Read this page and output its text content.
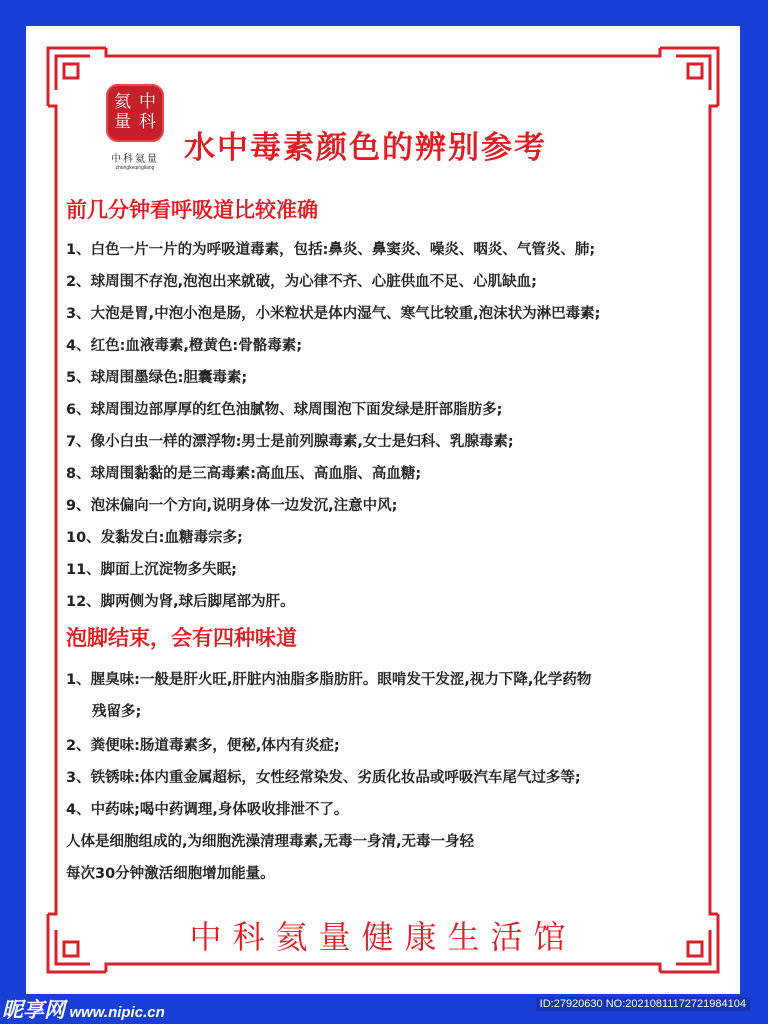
中
科
氦
量
中科氦量
zhongkeqingliang
水中毒素颜色的辨别参考
前几分钟看呼吸道比较准确
1、白色一片一片的为呼吸道毒素，包括:鼻炎、鼻窦炎、噪炎、咽炎、气管炎、肺;
2、球周围不存泡,泡泡出来就破，为心律不齐、心脏供血不足、心肌缺血;
3、大泡是胃,中泡小泡是肠，小米粒状是体内湿气、寒气比较重,泡沫状为淋巴毒素;
4、红色:血液毒素,橙黄色:骨骼毒素;
5、球周围墨绿色:胆囊毒素;
6、球周围边部厚厚的红色油腻物、球周围泡下面发绿是肝部脂肪多;
7、像小白虫一样的漂浮物:男士是前列腺毒素,女士是妇科、乳腺毒素;
8、球周围黏黏的是三高毒素:高血压、高血脂、高血糖;
9、泡沫偏向一个方向,说明身体一边发沉,注意中风;
10、发黏发白:血糖毒宗多;
11、脚面上沉淀物多失眠;
12、脚两侧为肾,球后脚尾部为肝。
泡脚结束，会有四种味道
1、腥臭味:一般是肝火旺,肝脏内油脂多脂肪肝。眼啃发干发涩,视力下降,化学药物
残留多;
2、粪便味:肠道毒素多，便秘,体内有炎症;
3、铁锈味:体内重金属超标，女性经常染发、劣质化妆品或呼吸汽车尾气过多等;
4、中药味;喝中药调理,身体吸收排泄不了。
人体是细胞组成的,为细胞洗澡清理毒素,无毒一身清,无毒一身轻
每次30分钟激活细胞增加能量。
中科氦量健康生活馆
昵享网 www.nipic.cn	ID:27920630 NO:20210811172721984104
